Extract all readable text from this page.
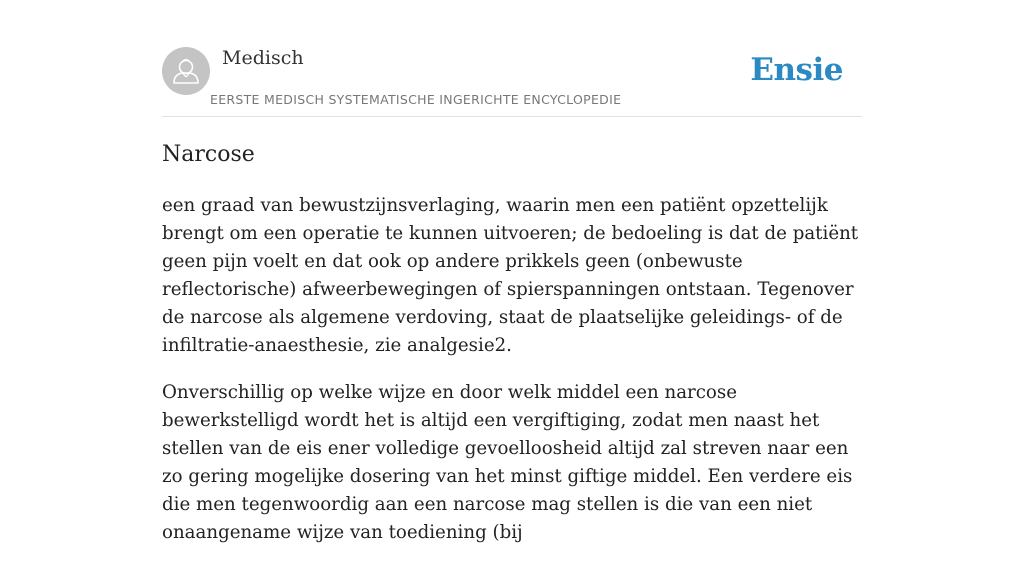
Medisch
EERSTE MEDISCH SYSTEMATISCHE INGERICHTE ENCYCLOPEDIE
Ensie
Narcose

een graad van bewustzijnsverlaging, waarin men een patiënt opzettelijk brengt om een operatie te kunnen uitvoeren; de bedoeling is dat de patiënt geen pijn voelt en dat ook op andere prikkels geen (onbewuste reflectorische) afweerbewegingen of spierspanningen ontstaan. Tegenover de narcose als algemene verdoving, staat de plaatselijke geleidings- of de infiltratie-anaesthesie, zie analgesie2.

Onverschillig op welke wijze en door welk middel een narcose bewerkstelligd wordt het is altijd een vergiftiging, zodat men naast het stellen van de eis ener volledige gevoelloosheid altijd zal streven naar een zo gering mogelijke dosering van het minst giftige middel. Een verdere eis die men tegenwoordig aan een narcose mag stellen is die van een niet onaangename wijze van toediening (bij
